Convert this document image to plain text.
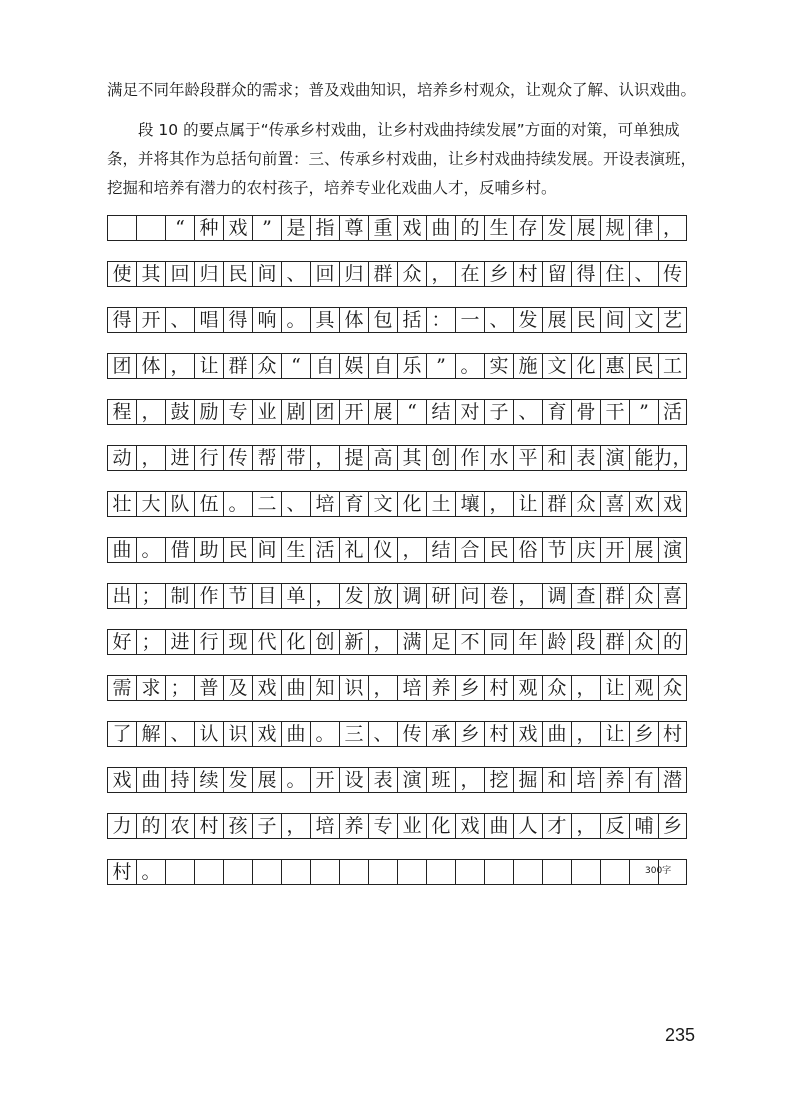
满足不同年龄段群众的需求；普及戏曲知识，培养乡村观众，让观众了解、认识戏曲。

段 10 的要点属于“传承乡村戏曲，让乡村戏曲持续发展”方面的对策，可单独成条，并将其作为总括句前置：三、传承乡村戏曲，让乡村戏曲持续发展。开设表演班，挖掘和培养有潜力的农村孩子，培养专业化戏曲人才，反哺乡村。

“ 种 戏 ” 是 指 尊 重 戏 曲 的 生 存 发 展 规 律 ，
使 其 回 归 民 间 、 回 归 群 众 ， 在 乡 村 留 得 住 、 传
得 开 、 唱 得 响 。 具 体 包 括 ： 一 、 发 展 民 间 文 艺
团 体 ， 让 群 众 “ 自 娱 自 乐 ” 。 实 施 文 化 惠 民 工
程 ， 鼓 励 专 业 剧 团 开 展 “ 结 对 子 、 育 骨 干 ” 活
动 ， 进 行 传 帮 带 ， 提 高 其 创 作 水 平 和 表 演 能 力，
壮 大 队 伍 。 二 、 培 育 文 化 土 壤 ， 让 群 众 喜 欢 戏
曲 。 借 助 民 间 生 活 礼 仪 ， 结 合 民 俗 节 庆 开 展 演
出 ； 制 作 节 目 单 ， 发 放 调 研 问 卷 ， 调 查 群 众 喜
好 ； 进 行 现 代 化 创 新 ， 满 足 不 同 年 龄 段 群 众 的
需 求 ； 普 及 戏 曲 知 识 ， 培 养 乡 村 观 众 ， 让 观 众
了 解 、 认 识 戏 曲 。 三 、 传 承 乡 村 戏 曲 ， 让 乡 村
戏 曲 持 续 发 展 。 开 设 表 演 班 ， 挖 掘 和 培 养 有 潜
力 的 农 村 孩 子 ， 培 养 专 业 化 戏 曲 人 才 ， 反 哺 乡
村 。	300字
235
